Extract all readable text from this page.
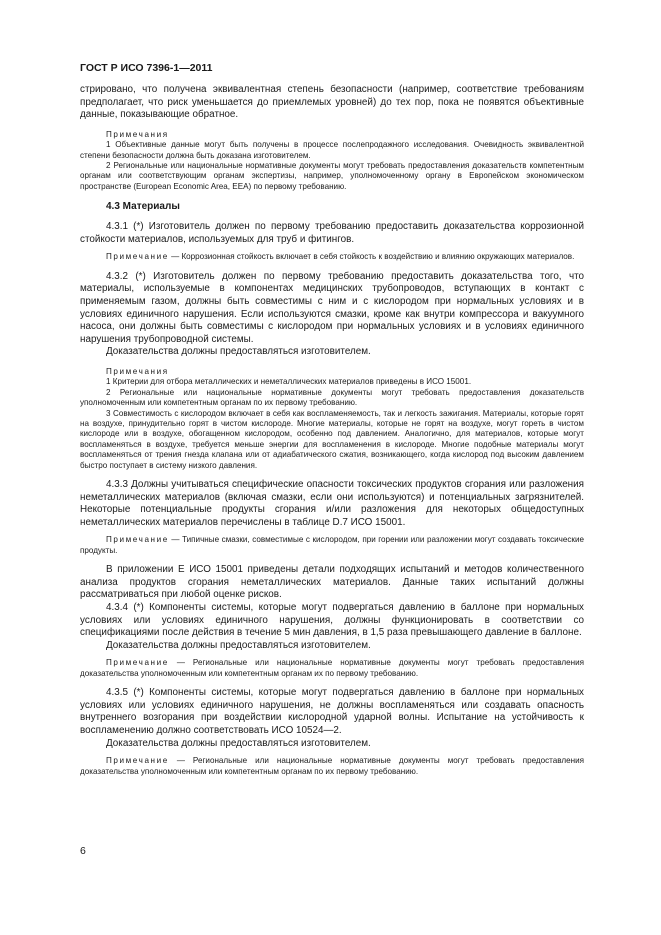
ГОСТ Р ИСО 7396-1—2011

стрировано, что получена эквивалентная степень безопасности (например, соответствие требованиям предполагает, что риск уменьшается до приемлемых уровней) до тех пор, пока не появятся объективные данные, показывающие обратное.

Примечания

1 Объективные данные могут быть получены в процессе послепродажного исследования. Очевидность эквивалентной степени безопасности должна быть доказана изготовителем.

2 Региональные или национальные нормативные документы могут требовать предоставления доказательств компетентным органам или соответствующим органам экспертизы, например, уполномоченному органу в Европейском экономическом пространстве (European Economic Area, EEA) по первому требованию.

4.3 Материалы

4.3.1 (*) Изготовитель должен по первому требованию предоставить доказательства коррозионной стойкости материалов, используемых для труб и фитингов.

Примечание — Коррозионная стойкость включает в себя стойкость к воздействию и влиянию окружающих материалов.

4.3.2 (*) Изготовитель должен по первому требованию предоставить доказательства того, что материалы, используемые в компонентах медицинских трубопроводов, вступающих в контакт с применяемым газом, должны быть совместимы с ним и с кислородом при нормальных условиях и в условиях единичного нарушения. Если используются смазки, кроме как внутри компрессора и вакуумного насоса, они должны быть совместимы с кислородом при нормальных условиях и в условиях единичного нарушения трубопроводной системы.

Доказательства должны предоставляться изготовителем.

Примечания

1 Критерии для отбора металлических и неметаллических материалов приведены в ИСО 15001.

2 Региональные или национальные нормативные документы могут требовать предоставления доказательств уполномоченным или компетентным органам по их первому требованию.

3 Совместимость с кислородом включает в себя как воспламеняемость, так и легкость зажигания. Материалы, которые горят на воздухе, принудительно горят в чистом кислороде. Многие материалы, которые не горят на воздухе, могут гореть в чистом кислороде или в воздухе, обогащенном кислородом, особенно под давлением. Аналогично, для материалов, которые могут воспламеняться в воздухе, требуется меньше энергии для воспламенения в кислороде. Многие подобные материалы могут воспламеняться от трения гнезда клапана или от адиабатического сжатия, возникающего, когда кислород под высоким давлением быстро поступает в систему низкого давления.

4.3.3 Должны учитываться специфические опасности токсических продуктов сгорания или разложения неметаллических материалов (включая смазки, если они используются) и потенциальных загрязнителей. Некоторые потенциальные продукты сгорания и/или разложения для некоторых общедоступных неметаллических материалов перечислены в таблице D.7 ИСО 15001.

Примечание — Типичные смазки, совместимые с кислородом, при горении или разложении могут создавать токсические продукты.

В приложении Е ИСО 15001 приведены детали подходящих испытаний и методов количественного анализа продуктов сгорания неметаллических материалов. Данные таких испытаний должны рассматриваться при любой оценке рисков.

4.3.4 (*) Компоненты системы, которые могут подвергаться давлению в баллоне при нормальных условиях или условиях единичного нарушения, должны функционировать в соответствии со спецификациями после действия в течение 5 мин давления, в 1,5 раза превышающего давление в баллоне.

Доказательства должны предоставляться изготовителем.

Примечание — Региональные или национальные нормативные документы могут требовать предоставления доказательства уполномоченным или компетентным органам их по первому требованию.

4.3.5 (*) Компоненты системы, которые могут подвергаться давлению в баллоне при нормальных условиях или условиях единичного нарушения, не должны воспламеняться или создавать опасность внутреннего возгорания при воздействии кислородной ударной волны. Испытание на устойчивость к воспламенению должно соответствовать ИСО 10524—2.

Доказательства должны предоставляться изготовителем.

Примечание — Региональные или национальные нормативные документы могут требовать предоставления доказательства уполномоченным или компетентным органам по их первому требованию.

6
